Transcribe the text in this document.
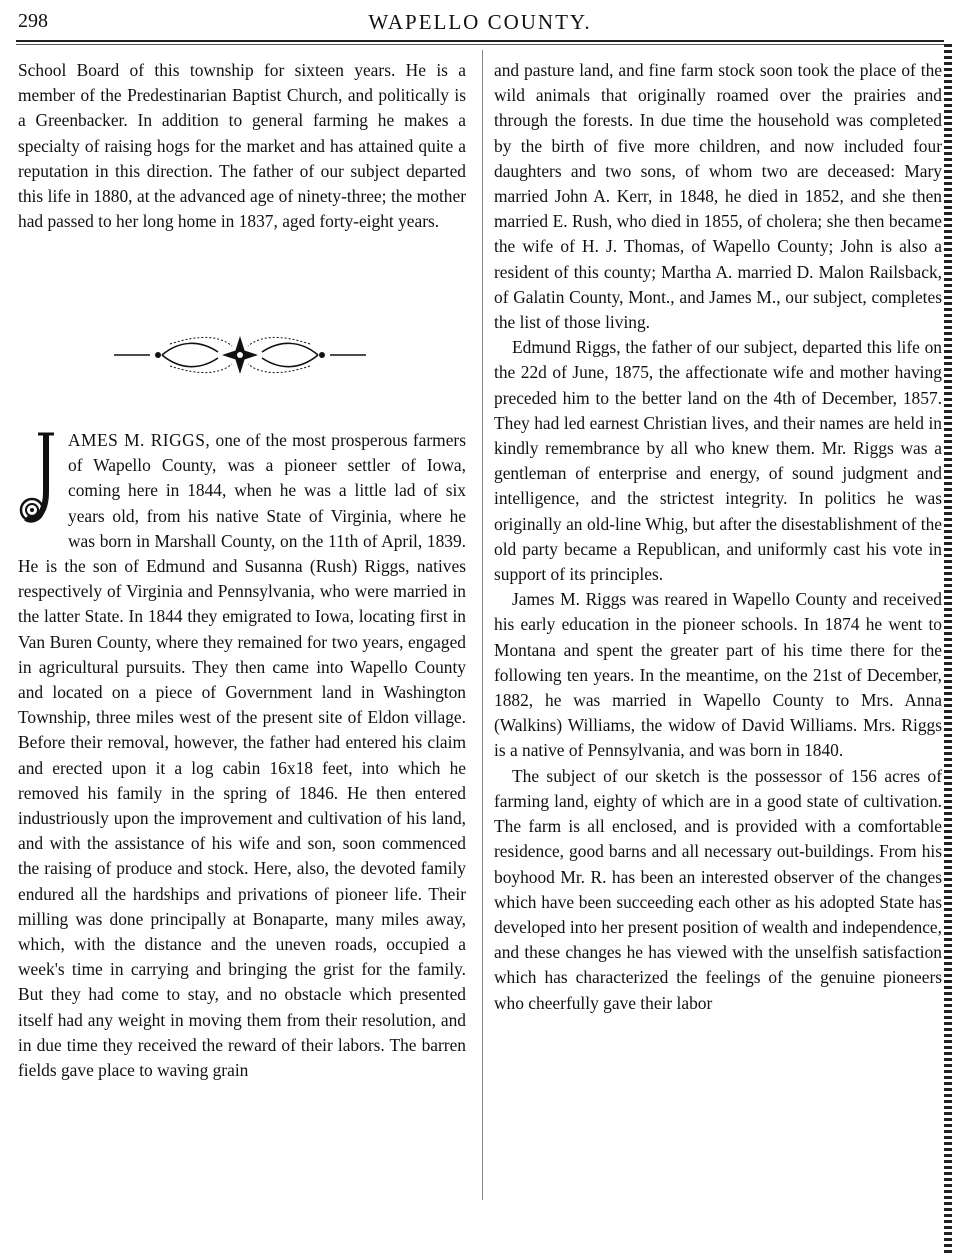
298	WAPELLO COUNTY.

School Board of this township for sixteen years. He is a member of the Predestinarian Baptist Church, and politically is a Greenbacker. In addition to general farming he makes a specialty of raising hogs for the market and has attained quite a reputation in this direction. The father of our subject departed this life in 1880, at the advanced age of ninety-three; the mother had passed to her long home in 1837, aged forty-eight years.

AMES M. RIGGS, one of the most prosperous farmers of Wapello County, was a pioneer settler of Iowa, coming here in 1844, when he was a little lad of six years old, from his native State of Virginia, where he was born in Marshall County, on the 11th of April, 1839. He is the son of Edmund and Susanna (Rush) Riggs, natives respectively of Virginia and Pennsylvania, who were married in the latter State. In 1844 they emigrated to Iowa, locating first in Van Buren County, where they remained for two years, engaged in agricultural pursuits. They then came into Wapello County and located on a piece of Government land in Washington Township, three miles west of the present site of Eldon village. Before their removal, however, the father had entered his claim and erected upon it a log cabin 16x18 feet, into which he removed his family in the spring of 1846. He then entered industriously upon the improvement and cultivation of his land, and with the assistance of his wife and son, soon commenced the raising of produce and stock. Here, also, the devoted family endured all the hardships and privations of pioneer life. Their milling was done principally at Bonaparte, many miles away, which, with the distance and the uneven roads, occupied a week's time in carrying and bringing the grist for the family. But they had come to stay, and no obstacle which presented itself had any weight in moving them from their resolution, and in due time they received the reward of their labors. The barren fields gave place to waving grain

and pasture land, and fine farm stock soon took the place of the wild animals that originally roamed over the prairies and through the forests. In due time the household was completed by the birth of five more children, and now included four daughters and two sons, of whom two are deceased: Mary married John A. Kerr, in 1848, he died in 1852, and she then married E. Rush, who died in 1855, of cholera; she then became the wife of H. J. Thomas, of Wapello County; John is also a resident of this county; Martha A. married D. Malon Railsback, of Galatin County, Mont., and James M., our subject, completes the list of those living.

Edmund Riggs, the father of our subject, departed this life on the 22d of June, 1875, the affectionate wife and mother having preceded him to the better land on the 4th of December, 1857. They had led earnest Christian lives, and their names are held in kindly remembrance by all who knew them. Mr. Riggs was a gentleman of enterprise and energy, of sound judgment and intelligence, and the strictest integrity. In politics he was originally an old-line Whig, but after the disestablishment of the old party became a Republican, and uniformly cast his vote in support of its principles.

James M. Riggs was reared in Wapello County and received his early education in the pioneer schools. In 1874 he went to Montana and spent the greater part of his time there for the following ten years. In the meantime, on the 21st of December, 1882, he was married in Wapello County to Mrs. Anna (Walkins) Williams, the widow of David Williams. Mrs. Riggs is a native of Pennsylvania, and was born in 1840.

The subject of our sketch is the possessor of 156 acres of farming land, eighty of which are in a good state of cultivation. The farm is all enclosed, and is provided with a comfortable residence, good barns and all necessary out-buildings. From his boyhood Mr. R. has been an interested observer of the changes which have been succeeding each other as his adopted State has developed into her present position of wealth and independence, and these changes he has viewed with the unselfish satisfaction which has characterized the feelings of the genuine pioneers who cheerfully gave their labor
